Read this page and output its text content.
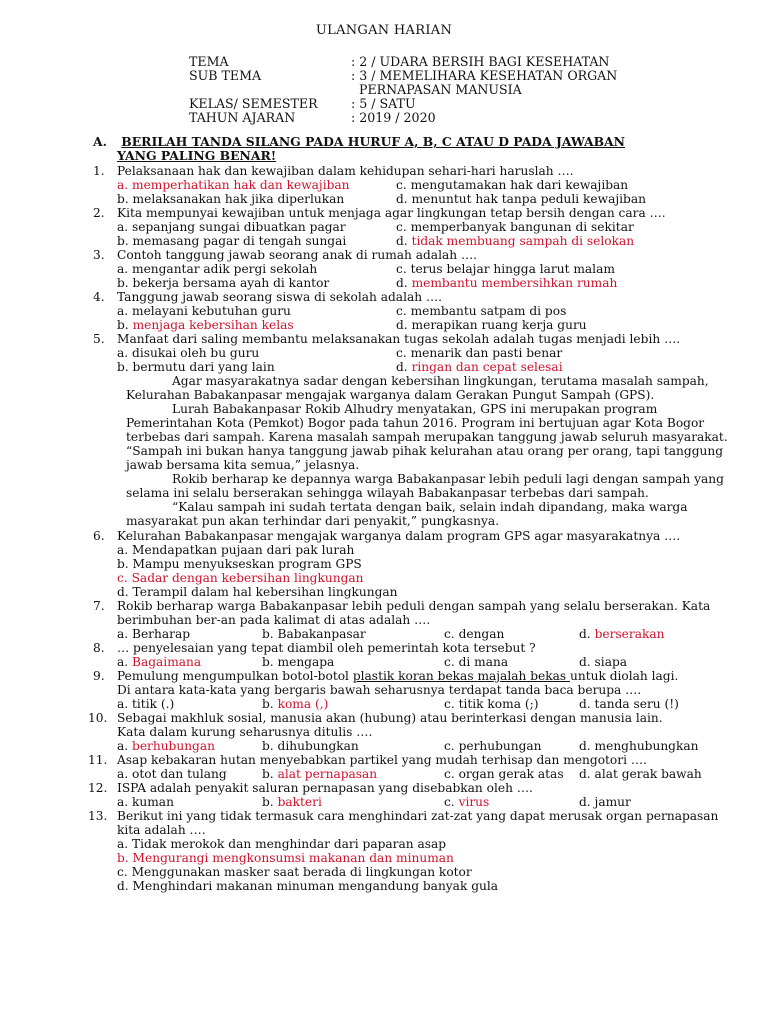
ULANGAN HARIAN
TEMA	: 2 / UDARA BERSIH BAGI KESEHATAN
SUB TEMA	: 3 / MEMELIHARA KESEHATAN ORGAN
PERNAPASAN MANUSIA
KELAS/ SEMESTER	: 5 / SATU
TAHUN AJARAN	: 2019 / 2020
A. BERILAH TANDA SILANG PADA HURUF A, B, C ATAU D PADA JAWABAN
YANG PALING BENAR!
1. Pelaksanaan hak dan kewajiban dalam kehidupan sehari-hari haruslah ….
a. memperhatikan hak dan kewajiban	c. mengutamakan hak dari kewajiban
b. melaksanakan hak jika diperlukan	d. menuntut hak tanpa peduli kewajiban
2. Kita mempunyai kewajiban untuk menjaga agar lingkungan tetap bersih dengan cara ….
a. sepanjang sungai dibuatkan pagar	c. memperbanyak bangunan di sekitar
b. memasang pagar di tengah sungai	d. tidak membuang sampah di selokan
3. Contoh tanggung jawab seorang anak di rumah adalah ….
a. mengantar adik pergi sekolah	c. terus belajar hingga larut malam
b. bekerja bersama ayah di kantor	d. membantu membersihkan rumah
4. Tanggung jawab seorang siswa di sekolah adalah ….
a. melayani kebutuhan guru	c. membantu satpam di pos
b. menjaga kebersihan kelas	d. merapikan ruang kerja guru
5. Manfaat dari saling membantu melaksanakan tugas sekolah adalah tugas menjadi lebih ….
a. disukai oleh bu guru	c. menarik dan pasti benar
b. bermutu dari yang lain	d. ringan dan cepat selesai
Agar masyarakatnya sadar dengan kebersihan lingkungan, terutama masalah sampah,
Kelurahan Babakanpasar mengajak warganya dalam Gerakan Pungut Sampah (GPS).
Lurah Babakanpasar Rokib Alhudry menyatakan, GPS ini merupakan program
Pemerintahan Kota (Pemkot) Bogor pada tahun 2016. Program ini bertujuan agar Kota Bogor
terbebas dari sampah. Karena masalah sampah merupakan tanggung jawab seluruh masyarakat.
“Sampah ini bukan hanya tanggung jawab pihak kelurahan atau orang per orang, tapi tanggung
jawab bersama kita semua,” jelasnya.
Rokib berharap ke depannya warga Babakanpasar lebih peduli lagi dengan sampah yang
selama ini selalu berserakan sehingga wilayah Babakanpasar terbebas dari sampah.
“Kalau sampah ini sudah tertata dengan baik, selain indah dipandang, maka warga
masyarakat pun akan terhindar dari penyakit,” pungkasnya.
6. Kelurahan Babakanpasar mengajak warganya dalam program GPS agar masyarakatnya ….
a. Mendapatkan pujaan dari pak lurah
b. Mampu menyukseskan program GPS
c. Sadar dengan kebersihan lingkungan
d. Terampil dalam hal kebersihan lingkungan
7. Rokib berharap warga Babakanpasar lebih peduli dengan sampah yang selalu berserakan. Kata
berimbuhan ber-an pada kalimat di atas adalah ….
a. Berharap	b. Babakanpasar	c. dengan	d. berserakan
8. … penyelesaian yang tepat diambil oleh pemerintah kota tersebut ?
a. Bagaimana	b. mengapa	c. di mana	d. siapa
9. Pemulung mengumpulkan botol-botol plastik koran bekas majalah bekas untuk diolah lagi.
Di antara kata-kata yang bergaris bawah seharusnya terdapat tanda baca berupa ….
a. titik (.)	b. koma (,)	c. titik koma (;)	d. tanda seru (!)
10. Sebagai makhluk sosial, manusia akan (hubung) atau berinterkasi dengan manusia lain.
Kata dalam kurung seharusnya ditulis ….
a. berhubungan	b. dihubungkan	c. perhubungan	d. menghubungkan
11. Asap kebakaran hutan menyebabkan partikel yang mudah terhisap dan mengotori ….
a. otot dan tulang	b. alat pernapasan	c. organ gerak atas d. alat gerak bawah
12. ISPA adalah penyakit saluran pernapasan yang disebabkan oleh ….
a. kuman	b. bakteri	c. virus	d. jamur
13. Berikut ini yang tidak termasuk cara menghindari zat-zat yang dapat merusak organ pernapasan
kita adalah ….
a. Tidak merokok dan menghindar dari paparan asap
b. Mengurangi mengkonsumsi makanan dan minuman
c. Menggunakan masker saat berada di lingkungan kotor
d. Menghindari makanan minuman mengandung banyak gula
